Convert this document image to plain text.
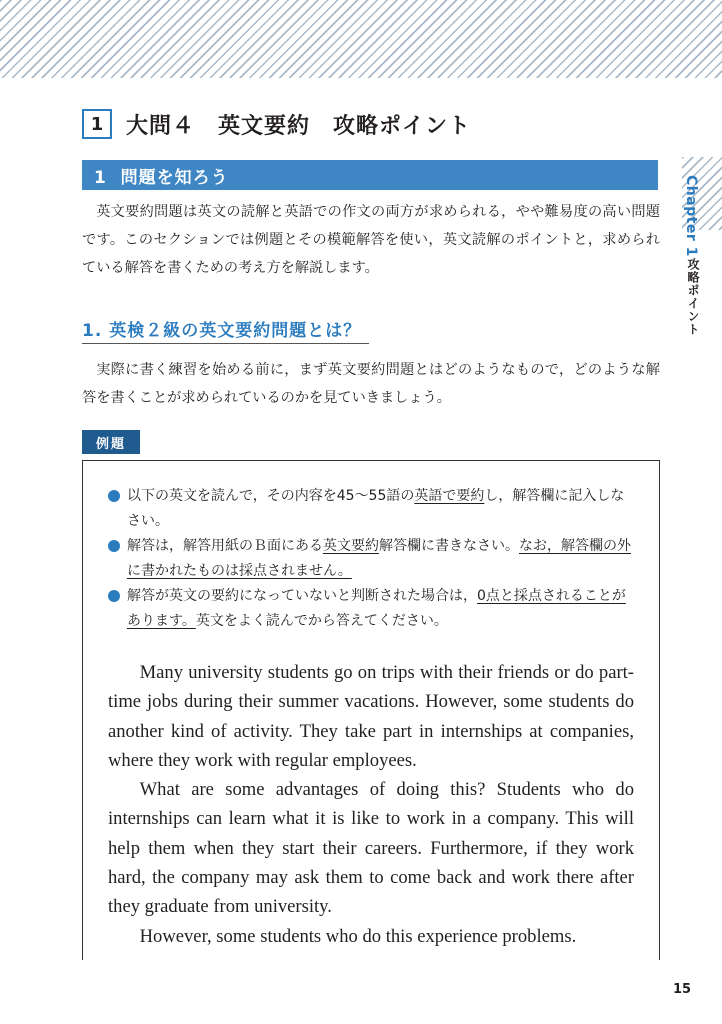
1	大問４　英文要約　攻略ポイント
1  問題を知ろう
英文要約問題は英文の読解と英語での作文の両方が求められる，やや難易度の高い問題です。このセクションでは例題とその模範解答を使い，英文読解のポイントと，求められている解答を書くための考え方を解説します。
1. 英検２級の英文要約問題とは？
実際に書く練習を始める前に，まず英文要約問題とはどのようなもので，どのような解答を書くことが求められているのかを見ていきましょう。
例題
以下の英文を読んで，その内容を45〜55語の英語で要約し，解答欄に記入しなさい。
解答は，解答用紙のＢ面にある英文要約解答欄に書きなさい。なお，解答欄の外に書かれたものは採点されません。
解答が英文の要約になっていないと判断された場合は，0点と採点されることがあります。英文をよく読んでから答えてください。

Many university students go on trips with their friends or do part-time jobs during their summer vacations. However, some students do another kind of activity. They take part in internships at companies, where they work with regular employees.

What are some advantages of doing this? Students who do internships can learn what it is like to work in a company. This will help them when they start their careers. Furthermore, if they work hard, the company may ask them to come back and work there after they graduate from university.

However, some students who do this experience problems.

Chapter 1
攻略ポイント
15
